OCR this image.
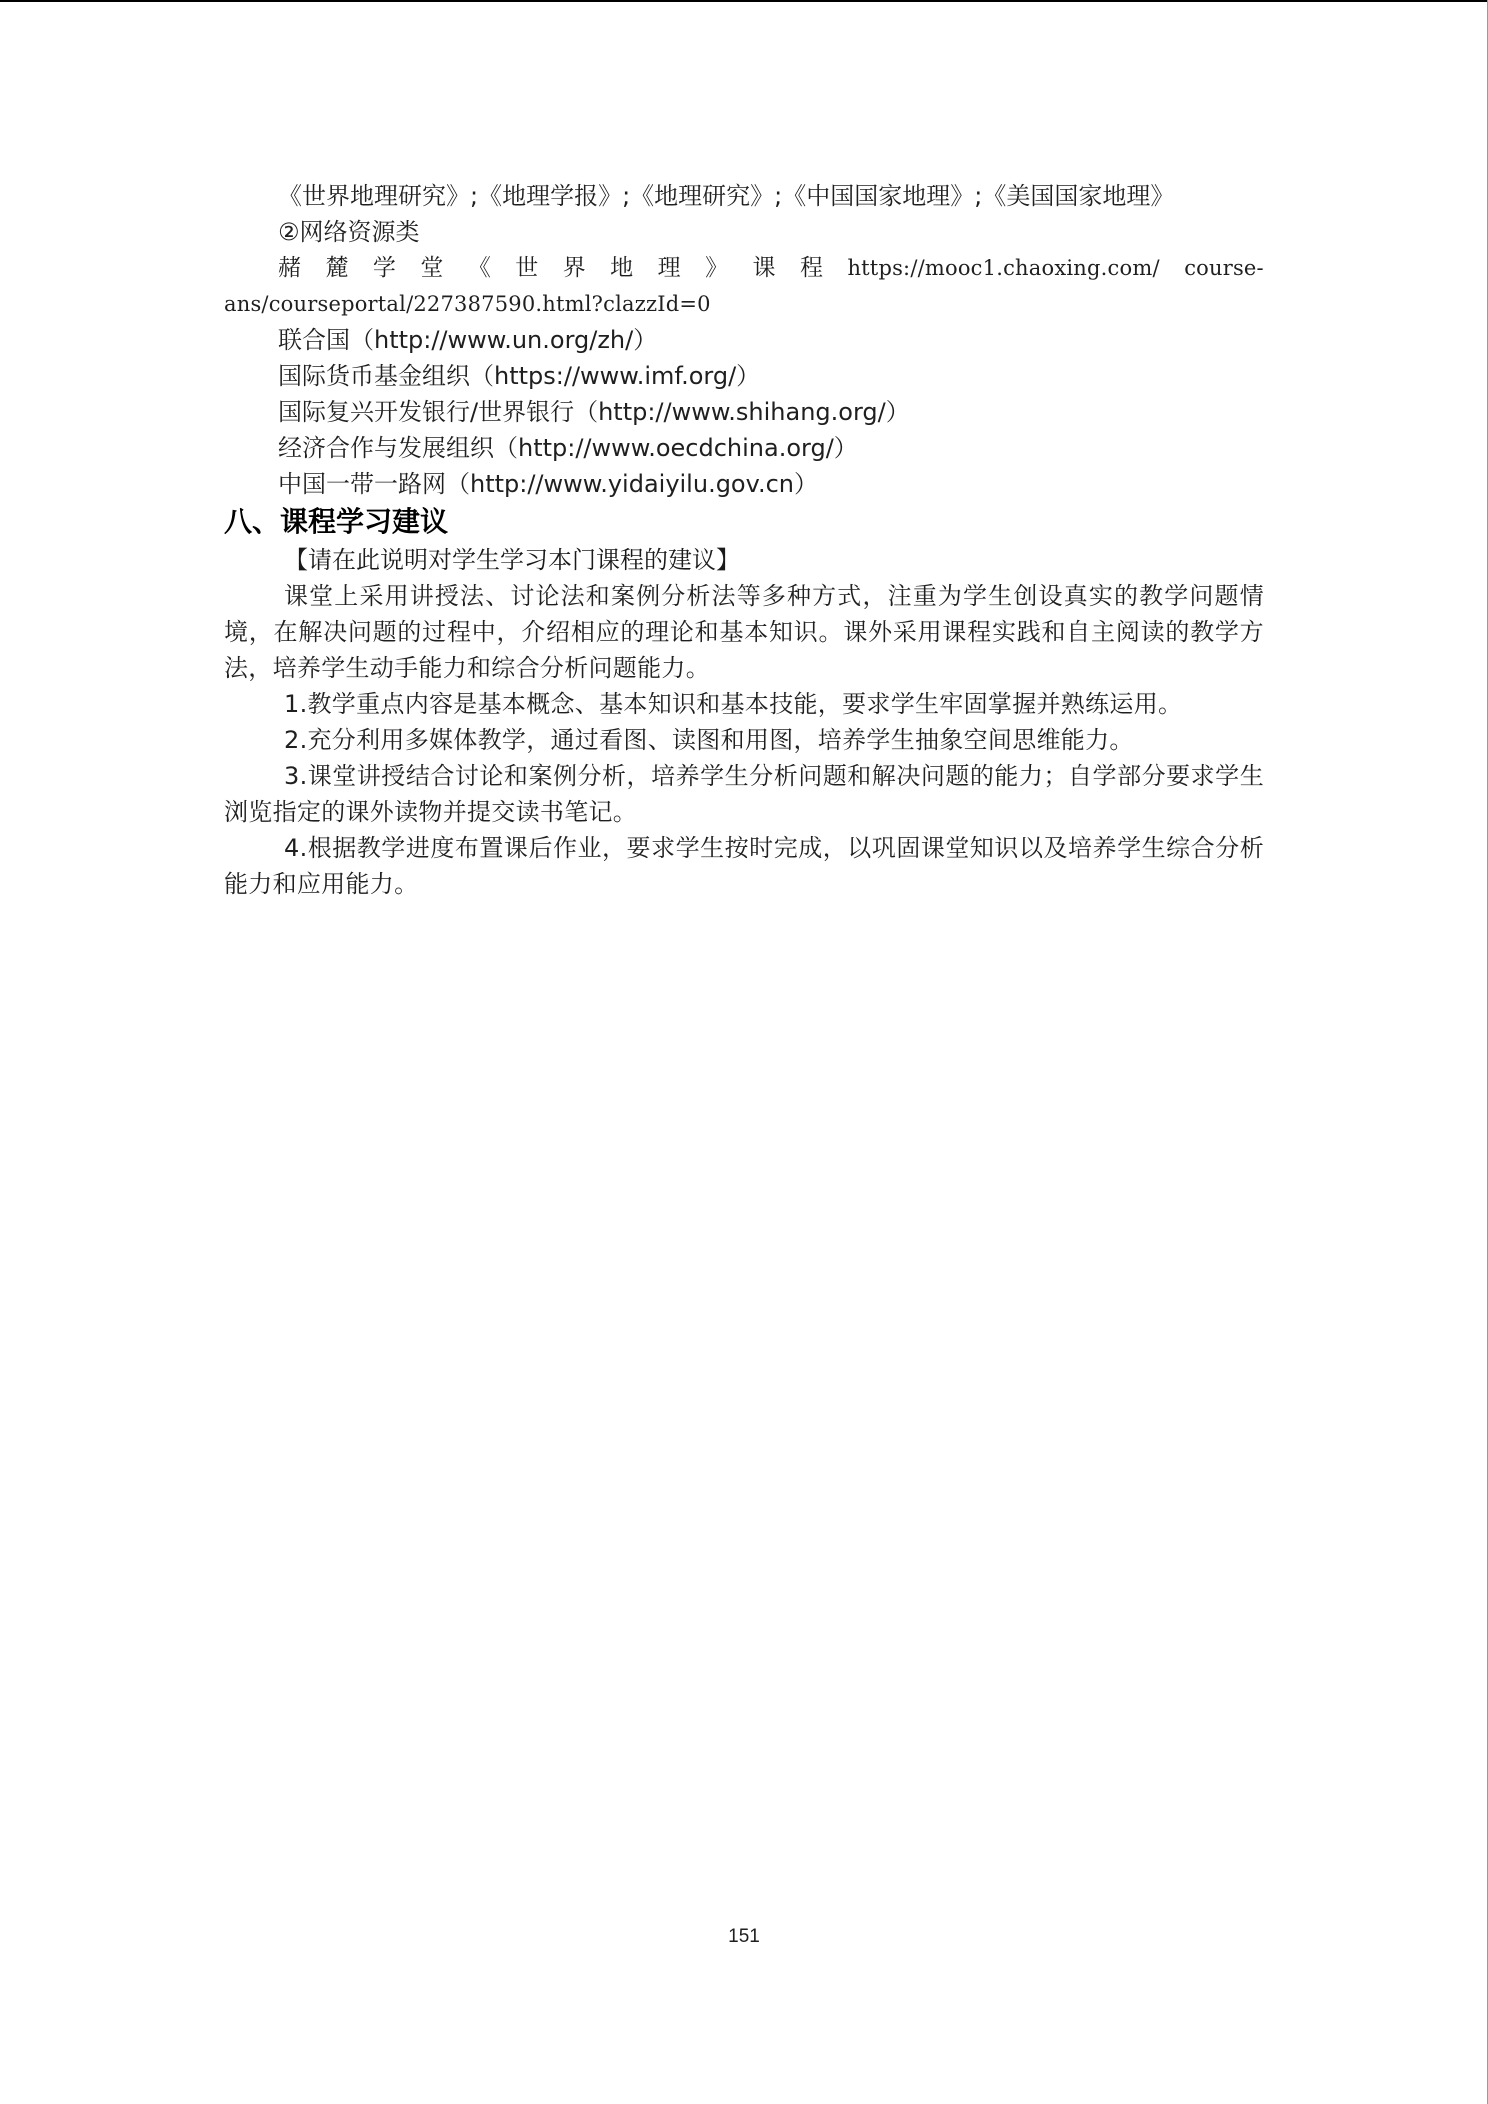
《世界地理研究》;《地理学报》;《地理研究》;《中国国家地理》;《美国国家地理》
②网络资源类
赭 麓 学 堂 《 世 界 地 理 》 课 程 https://mooc1.chaoxing.com/ course-
ans/courseportal/227387590.html?clazzId=0
联合国（http://www.un.org/zh/）
国际货币基金组织（https://www.imf.org/）
国际复兴开发银行/世界银行（http://www.shihang.org/）
经济合作与发展组织（http://www.oecdchina.org/）
中国一带一路网（http://www.yidaiyilu.gov.cn）
八、课程学习建议
【请在此说明对学生学习本门课程的建议】

课堂上采用讲授法、讨论法和案例分析法等多种方式，注重为学生创设真实的教学问题情境，在解决问题的过程中，介绍相应的理论和基本知识。课外采用课程实践和自主阅读的教学方法，培养学生动手能力和综合分析问题能力。

1.教学重点内容是基本概念、基本知识和基本技能，要求学生牢固掌握并熟练运用。

2.充分利用多媒体教学，通过看图、读图和用图，培养学生抽象空间思维能力。

3.课堂讲授结合讨论和案例分析，培养学生分析问题和解决问题的能力；自学部分要求学生浏览指定的课外读物并提交读书笔记。

4.根据教学进度布置课后作业，要求学生按时完成，以巩固课堂知识以及培养学生综合分析能力和应用能力。

151
